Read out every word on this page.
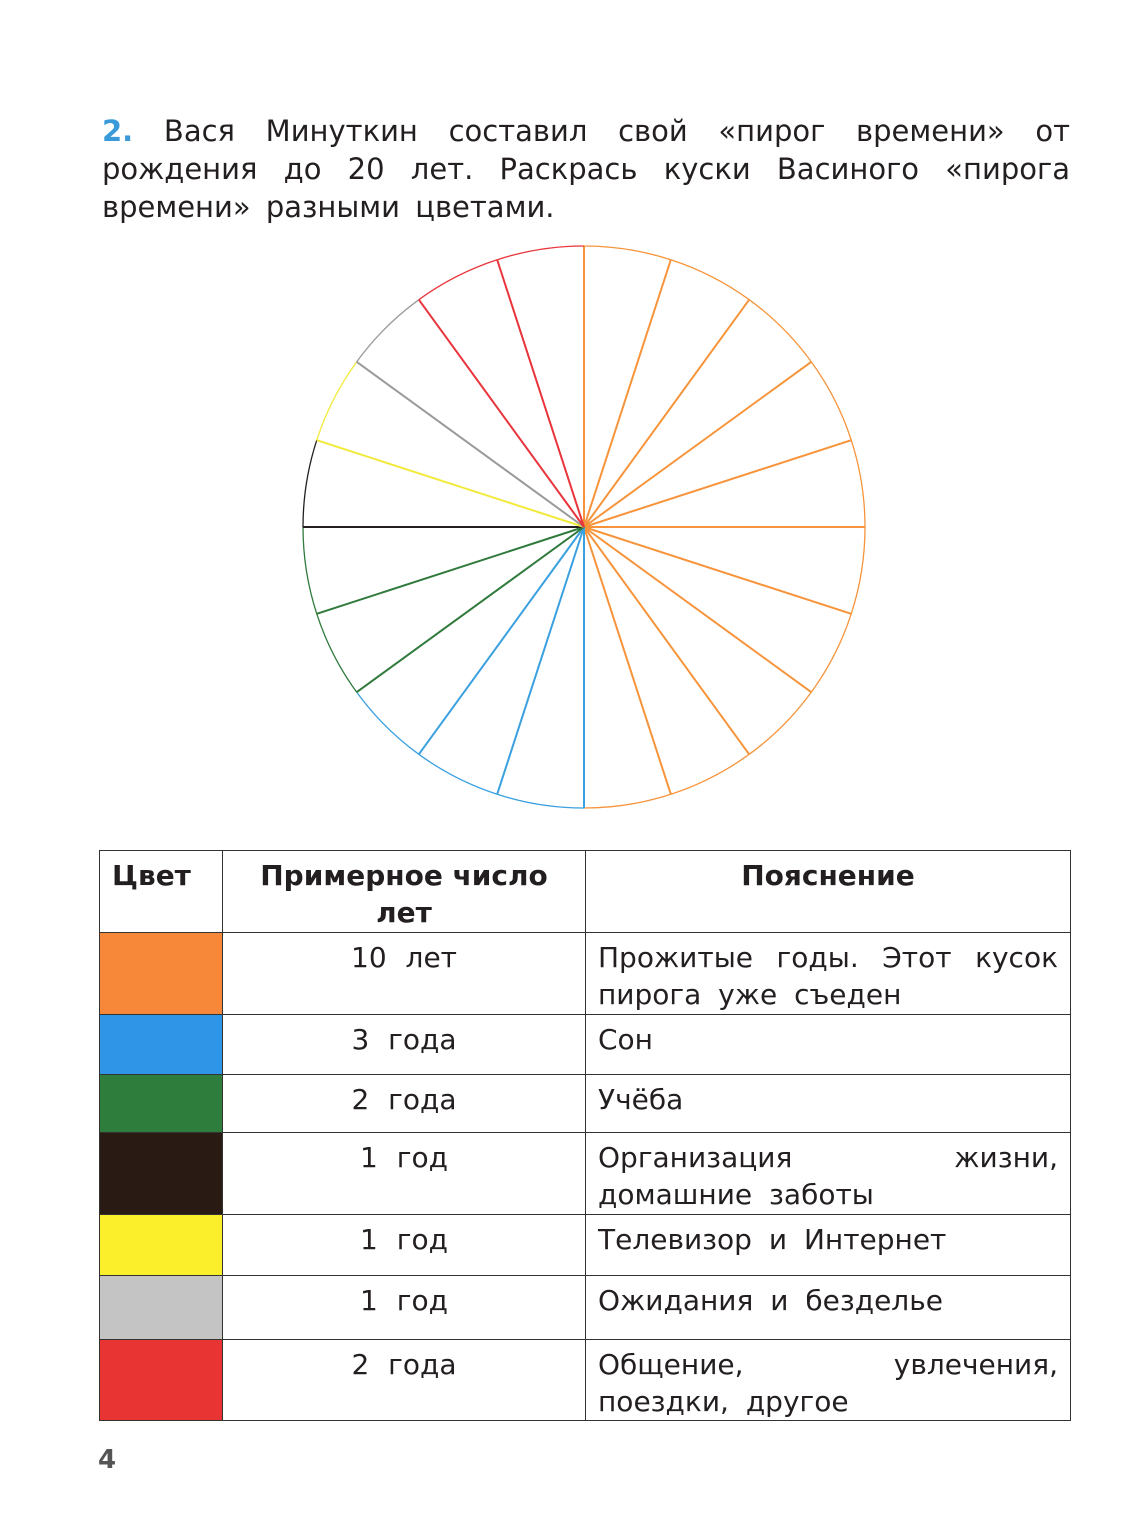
2. Вася Минуткин составил свой «пирог времени» от рождения до 20 лет. Раскрась куски Васиного «пирога времени» разными цветами.
Цвет	Примерное число лет	Пояснение

	10 лет	Прожитые годы. Этот кусок пирога уже съеден

	3 года	Сон

	2 года	Учёба

	1 год	Организация жизни, домашние заботы

	1 год	Телевизор и Интернет

	1 год	Ожидания и безделье

	2 года	Общение, увлечения, поездки, другое
4
